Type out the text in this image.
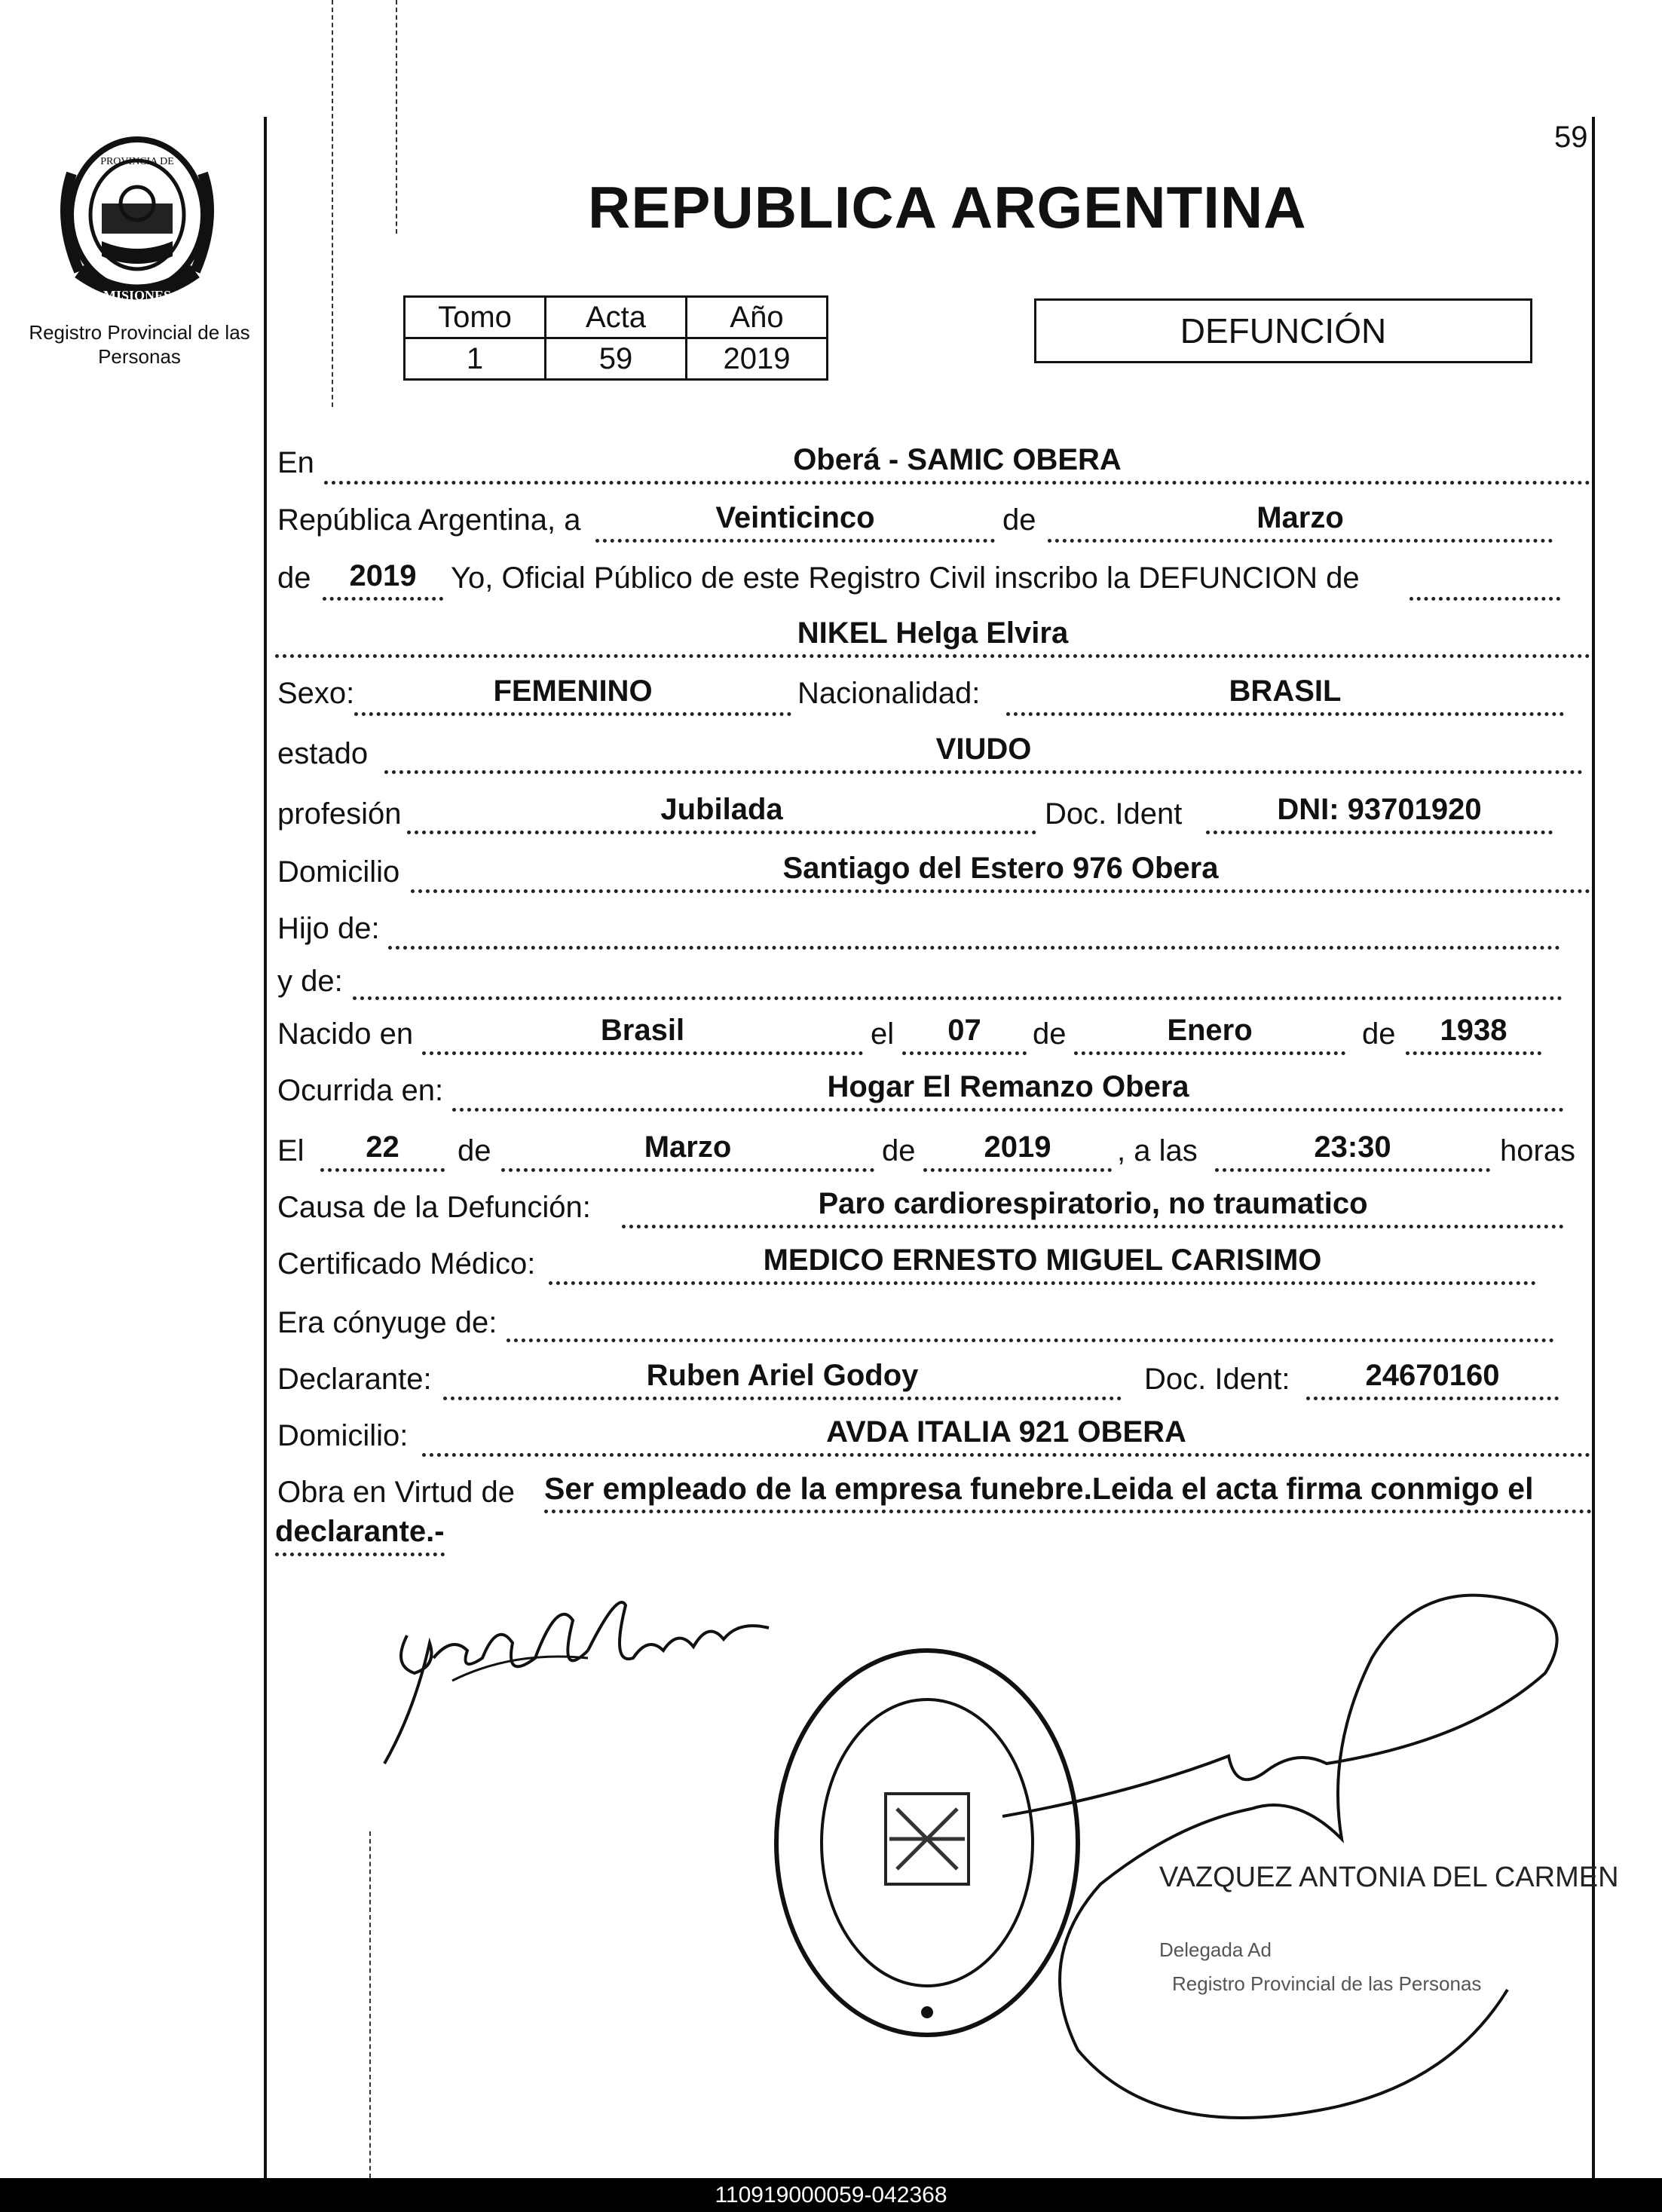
MISIONES
PROVINCIA DE
Registro Provincial de las Personas
59
REPUBLICA ARGENTINA
Tomo	Acta	Año
1	59	2019
DEFUNCIÓN
En	Oberá - SAMIC OBERA
República Argentina, a	Veinticinco	de	Marzo
de	2019	Yo, Oficial Público de este Registro Civil inscribo la DEFUNCION de
NIKEL Helga Elvira
Sexo:	FEMENINO	Nacionalidad:	BRASIL
estado	VIUDO
profesión	Jubilada	Doc. Ident	DNI: 93701920
Domicilio	Santiago del Estero 976 Obera
Hijo de:
y de:
Nacido en	Brasil	el	07	de	Enero	de	1938
Ocurrida en:	Hogar El Remanzo Obera
El	22	de	Marzo	de	2019	, a las	23:30	horas
Causa de la Defunción:	Paro cardiorespiratorio, no traumatico
Certificado Médico:	MEDICO ERNESTO MIGUEL CARISIMO
Era cónyuge de:
Declarante:	Ruben Ariel Godoy	Doc. Ident:	24670160
Domicilio:	AVDA ITALIA 921 OBERA
Obra en Virtud de Ser empleado de la empresa funebre.Leida el acta firma conmigo el
declarante.-
VAZQUEZ ANTONIA DEL CARMEN
Delegada Ad
Registro Provincial de las Personas
110919000059-042368
